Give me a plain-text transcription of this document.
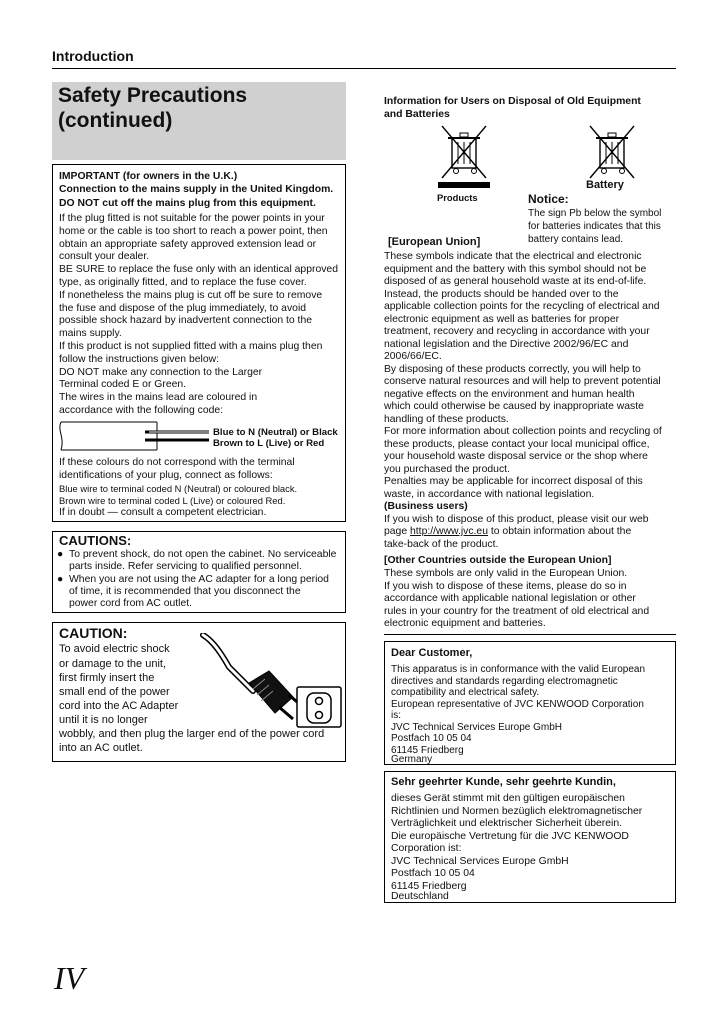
Introduction
Safety Precautions
(continued)
IMPORTANT (for owners in the U.K.)
Connection to the mains supply in the United Kingdom.
DO NOT cut off the mains plug from this equipment.
If the plug fitted is not suitable for the power points in your
home or the cable is too short to reach a power point, then
obtain an appropriate safety approved extension lead or
consult your dealer.
BE SURE to replace the fuse only with an identical approved
type, as originally fitted, and to replace the fuse cover.
If nonetheless the mains plug is cut off be sure to remove
the fuse and dispose of the plug immediately, to avoid
possible shock hazard by inadvertent connection to the
mains supply.
If this product is not supplied fitted with a mains plug then
follow the instructions given below:
DO NOT make any connection to the Larger
Terminal coded E or Green.
The wires in the mains lead are coloured in
accordance with the following code:
Blue to N (Neutral) or Black
Brown to L (Live) or Red
If these colours do not correspond with the terminal
identifications of your plug, connect as follows:
Blue wire to terminal coded N (Neutral) or coloured black.
Brown wire to terminal coded L (Live) or coloured Red.
If in doubt — consult a competent electrician.
CAUTIONS:
● To prevent shock, do not open the cabinet. No serviceable
parts inside. Refer servicing to qualified personnel.
● When you are not using the AC adapter for a long period
of time, it is recommended that you disconnect the
power cord from AC outlet.
CAUTION:
To avoid electric shock
or damage to the unit,
first firmly insert the
small end of the power
cord into the AC Adapter
until it is no longer
wobbly, and then plug the larger end of the power cord
into an AC outlet.
Information for Users on Disposal of Old Equipment
and Batteries
Products
Battery
Notice:
The sign Pb below the symbol
for batteries indicates that this
battery contains lead.
[European Union]
These symbols indicate that the electrical and electronic
equipment and the battery with this symbol should not be
disposed of as general household waste at its end-of-life.
Instead, the products should be handed over to the
applicable collection points for the recycling of electrical and
electronic equipment as well as batteries for proper
treatment, recovery and recycling in accordance with your
national legislation and the Directive 2002/96/EC and
2006/66/EC.
By disposing of these products correctly, you will help to
conserve natural resources and will help to prevent potential
negative effects on the environment and human health
which could otherwise be caused by inappropriate waste
handling of these products.
For more information about collection points and recycling of
these products, please contact your local municipal office,
your household waste disposal service or the shop where
you purchased the product.
Penalties may be applicable for incorrect disposal of this
waste, in accordance with national legislation.
(Business users)
If you wish to dispose of this product, please visit our web
page http://www.jvc.eu to obtain information about the
take-back of the product.
[Other Countries outside the European Union]
These symbols are only valid in the European Union.
If you wish to dispose of these items, please do so in
accordance with applicable national legislation or other
rules in your country for the treatment of old electrical and
electronic equipment and batteries.
Dear Customer,
This apparatus is in conformance with the valid European
directives and standards regarding electromagnetic
compatibility and electrical safety.
European representative of JVC KENWOOD Corporation
is:
JVC Technical Services Europe GmbH
Postfach 10 05 04
61145 Friedberg
Germany
Sehr geehrter Kunde, sehr geehrte Kundin,
dieses Gerät stimmt mit den gültigen europäischen
Richtlinien und Normen bezüglich elektromagnetischer
Verträglichkeit und elektrischer Sicherheit überein.
Die europäische Vertretung für die JVC KENWOOD
Corporation ist:
JVC Technical Services Europe GmbH
Postfach 10 05 04
61145 Friedberg
Deutschland
IV
